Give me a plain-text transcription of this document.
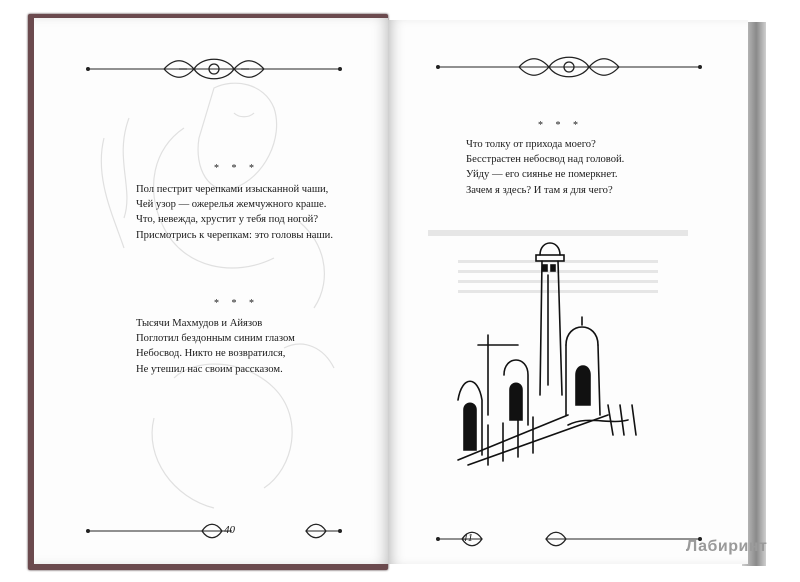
* * *
Пол пестрит черепками изысканной чаши,
Чей узор — ожерелья жемчужного краше.
Что, невежда, хрустит у тебя под ногой?
Присмотрись к черепкам: это головы наши.
* * *
Тысячи Махмудов и Айязов
Поглотил бездонным синим глазом
Небосвод. Никто не возвратился,
Не утешил нас своим рассказом.
40
* * *
Что толку от прихода моего?
Бесстрастен небосвод над головой.
Уйду — его сиянье не померкнет.
Зачем я здесь? И там я для чего?
41	Лабиринт
